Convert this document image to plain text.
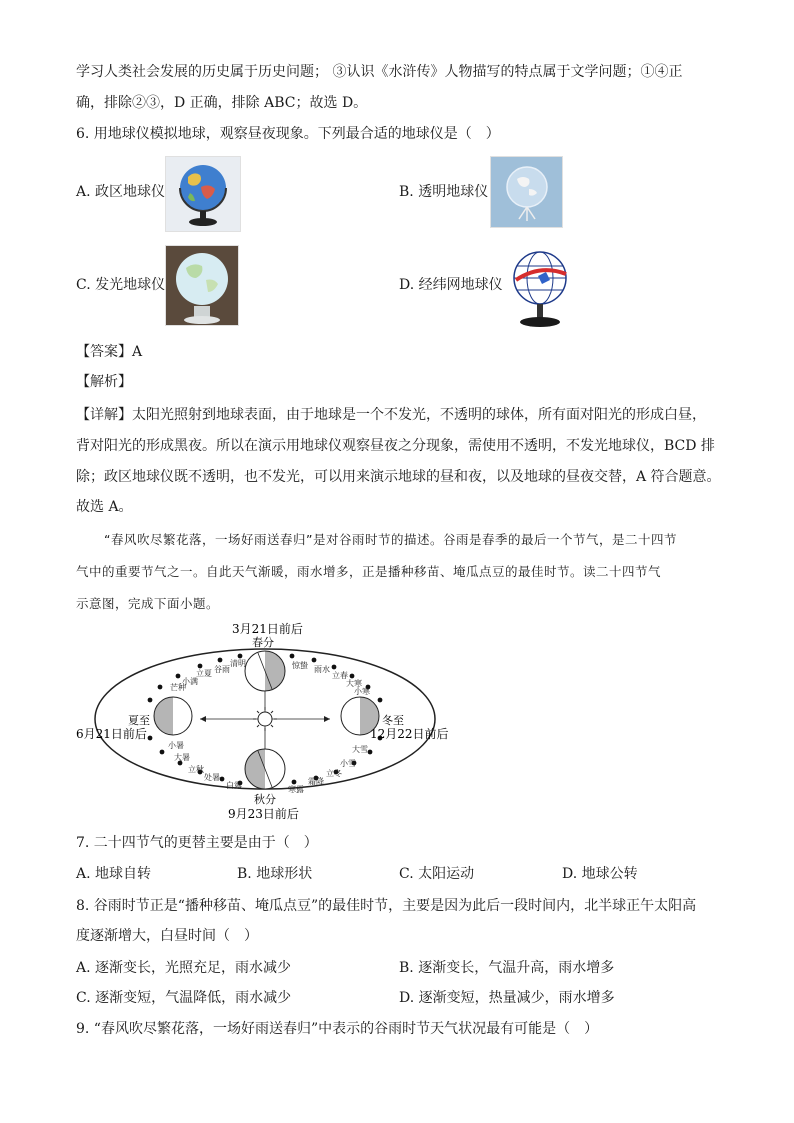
学习人类社会发展的历史属于历史问题； ③认识《水浒传》人物描写的特点属于文学问题；①④正
确，排除②③，D 正确，排除 ABC；故选 D。
6. 用地球仪模拟地球，观察昼夜现象。下列最合适的地球仪是（　）
A. 政区地球仪	B. 透明地球仪
C. 发光地球仪	D. 经纬网地球仪
【答案】A
【解析】
【详解】太阳光照射到地球表面，由于地球是一个不发光，不透明的球体，所有面对阳光的形成白昼，
背对阳光的形成黑夜。所以在演示用地球仪观察昼夜之分现象，需使用不透明，不发光地球仪，BCD 排
除；政区地球仪既不透明，也不发光，可以用来演示地球的昼和夜，以及地球的昼夜交替，A 符合题意。
故选 A。
“春风吹尽繁花落，一场好雨送春归”是对谷雨时节的描述。谷雨是春季的最后一个节气，是二十四节
气中的重要节气之一。自此天气渐暖，雨水增多，正是播种移苗、埯瓜点豆的最佳时节。读二十四节气
示意图，完成下面小题。
3月21日前后
春分
夏至
6月21日前后
冬至
12月22日前后
秋分
9月23日前后
清明
谷雨
立夏
小满
芒种
惊蛰 雨水
立春
大寒
小寒
小暑
大暑
立秋
处暑
白露	寒露
霜降
立冬
小雪
大雪
7. 二十四节气的更替主要是由于（　）
A. 地球自转	B. 地球形状	C. 太阳运动	D. 地球公转
8. 谷雨时节正是“播种移苗、埯瓜点豆”的最佳时节，主要是因为此后一段时间内，北半球正午太阳高
度逐渐增大，白昼时间（　）
A. 逐渐变长，光照充足，雨水减少	B. 逐渐变长，气温升高，雨水增多
C. 逐渐变短，气温降低，雨水减少	D. 逐渐变短，热量减少，雨水增多
9. “春风吹尽繁花落，一场好雨送春归”中表示的谷雨时节天气状况最有可能是（　）
